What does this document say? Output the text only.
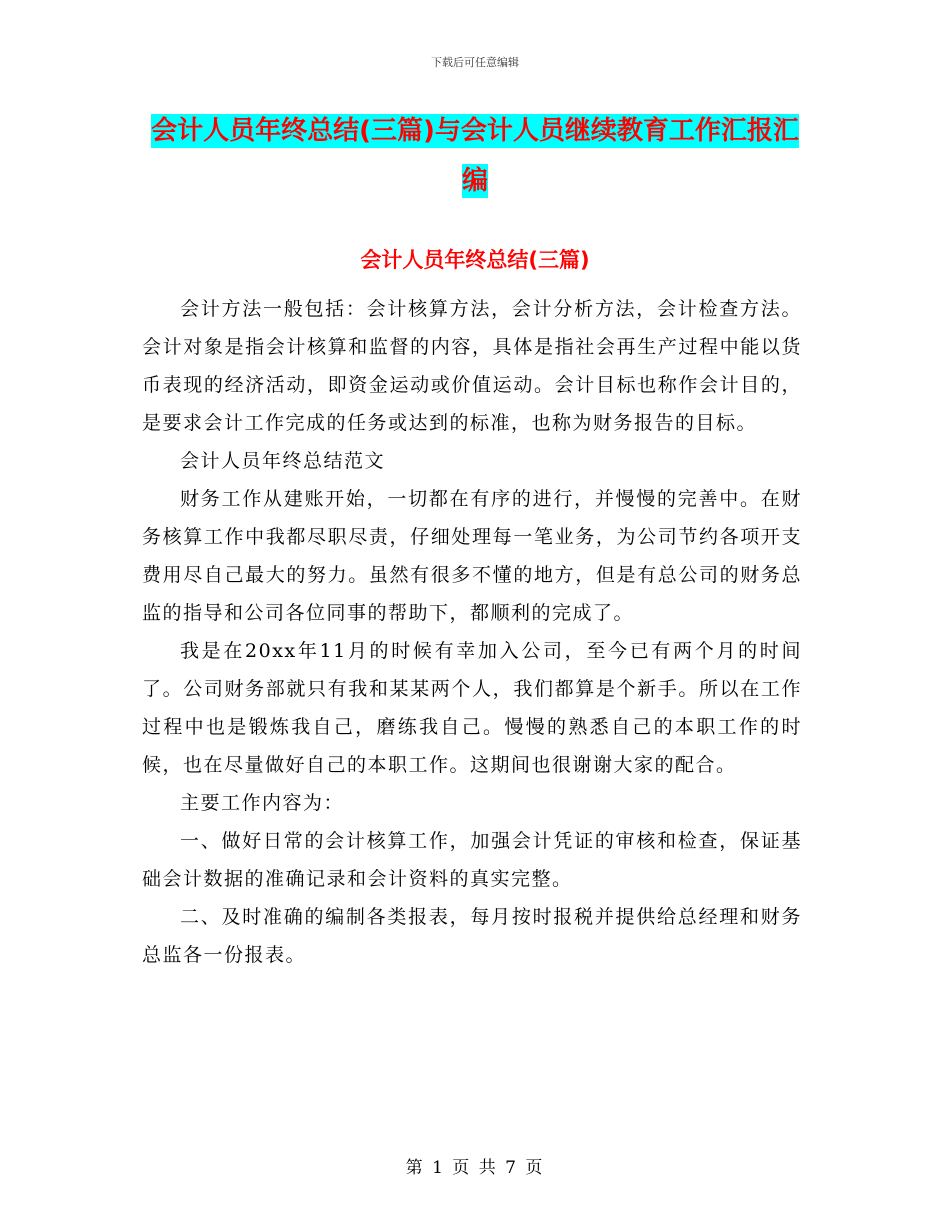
下载后可任意编辑
会计人员年终总结(三篇)与会计人员继续教育工作汇报汇编
会计人员年终总结(三篇)

会计方法一般包括：会计核算方法，会计分析方法，会计检查方法。会计对象是指会计核算和监督的内容，具体是指社会再生产过程中能以货币表现的经济活动，即资金运动或价值运动。会计目标也称作会计目的，是要求会计工作完成的任务或达到的标准，也称为财务报告的目标。

会计人员年终总结范文

财务工作从建账开始，一切都在有序的进行，并慢慢的完善中。在财务核算工作中我都尽职尽责，仔细处理每一笔业务，为公司节约各项开支费用尽自己最大的努力。虽然有很多不懂的地方，但是有总公司的财务总监的指导和公司各位同事的帮助下，都顺利的完成了。

我是在20xx年11月的时候有幸加入公司，至今已有两个月的时间了。公司财务部就只有我和某某两个人，我们都算是个新手。所以在工作过程中也是锻炼我自己，磨练我自己。慢慢的熟悉自己的本职工作的时候，也在尽量做好自己的本职工作。这期间也很谢谢大家的配合。

主要工作内容为：

一、做好日常的会计核算工作，加强会计凭证的审核和检查，保证基础会计数据的准确记录和会计资料的真实完整。

二、及时准确的编制各类报表，每月按时报税并提供给总经理和财务总监各一份报表。

第 1 页 共 7 页
